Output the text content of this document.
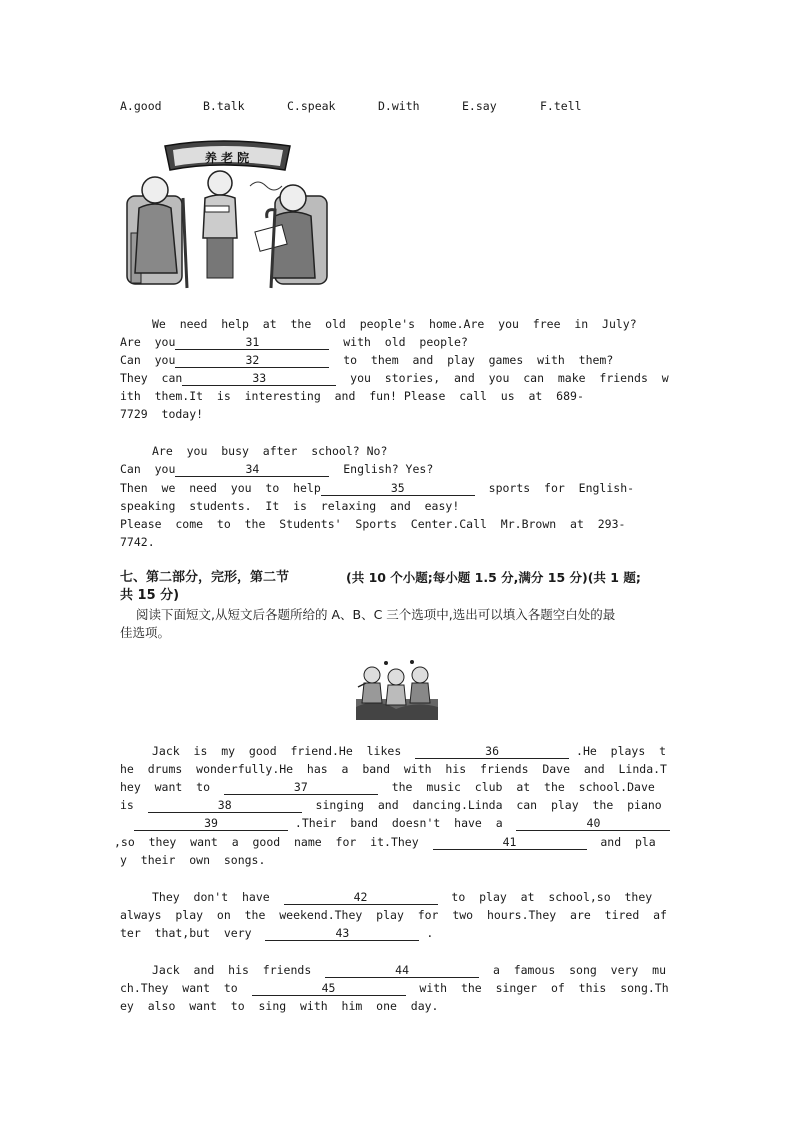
A.good	B.talk	C.speak	D.with	E.say	F.tell
养 老 院
We  need  help  at  the  old  people's  home.Are  you  free  in  July?
Are  you	31	with  old  people?
Can  you	32	to  them  and  play  games  with  them?
They  can	33	you  stories,  and  you  can  make  friends  w
ith  them.It  is  interesting  and  fun! Please  call  us  at  689-
7729  today!
Are  you  busy  after  school? No?
Can  you	34	English? Yes?
Then  we  need  you  to  help	35	sports  for  English-
speaking  students.  It  is  relaxing  and  easy!
Please  come  to  the  Students'  Sports  Center.Call  Mr.Brown  at  293-
7742.
七、第二部分，完形，第二节	(共 10 个小题;每小题 1.5 分,满分 15 分)(共 1 题;
共 15 分)
阅读下面短文,从短文后各题所给的 A、B、C 三个选项中,选出可以填入各题空白处的最
佳选项。
Jack  is  my  good  friend.He  likes	36	.He  plays  t
he  drums  wonderfully.He  has  a  band  with  his  friends  Dave  and  Linda.T
hey  want  to	37	the  music  club  at  the  school.Dave
is	38	singing  and  dancing.Linda  can  play  the  piano
39	.Their  band  doesn't  have  a	40
,so  they  want  a  good  name  for  it.They	41	and  pla
y  their  own  songs.
They  don't  have	42	to  play  at  school,so  they
always  play  on  the  weekend.They  play  for  two  hours.They  are  tired  af
ter  that,but  very	43	.
Jack  and  his  friends	44	a  famous  song  very  mu
ch.They  want  to	45	with  the  singer  of  this  song.Th
ey  also  want  to  sing  with  him  one  day.
